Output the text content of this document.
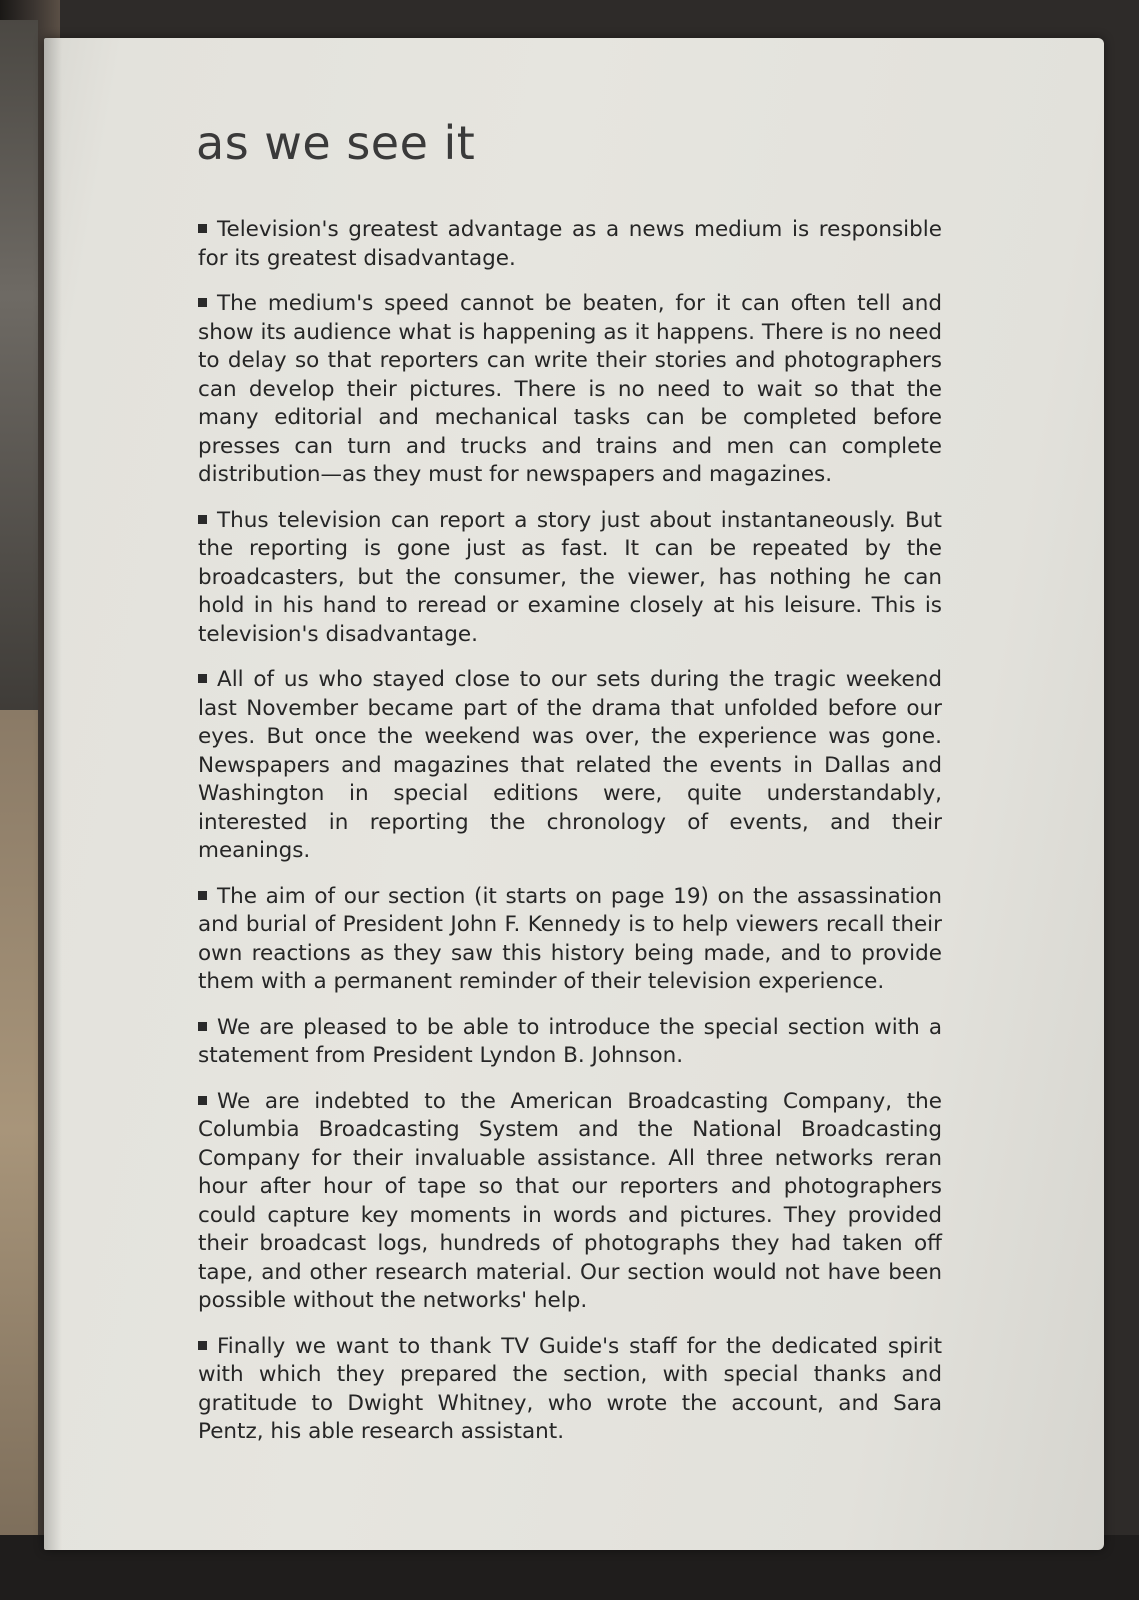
as we see it

Television's greatest advantage as a news medium is responsible for its greatest disadvantage.

The medium's speed cannot be beaten, for it can often tell and show its audience what is happening as it happens. There is no need to delay so that reporters can write their stories and photographers can develop their pictures. There is no need to wait so that the many editorial and mechanical tasks can be completed before presses can turn and trucks and trains and men can complete distribution—as they must for newspapers and magazines.

Thus television can report a story just about instantaneously. But the reporting is gone just as fast. It can be repeated by the broadcasters, but the consumer, the viewer, has nothing he can hold in his hand to reread or examine closely at his leisure. This is television's disadvantage.

All of us who stayed close to our sets during the tragic weekend last November became part of the drama that unfolded before our eyes. But once the weekend was over, the experience was gone. Newspapers and magazines that related the events in Dallas and Washington in special editions were, quite understandably, interested in reporting the chronology of events, and their meanings.

The aim of our section (it starts on page 19) on the assassination and burial of President John F. Kennedy is to help viewers recall their own reactions as they saw this history being made, and to provide them with a permanent reminder of their television experience.

We are pleased to be able to introduce the special section with a statement from President Lyndon B. Johnson.

We are indebted to the American Broadcasting Company, the Columbia Broadcasting System and the National Broadcasting Company for their invaluable assistance. All three networks reran hour after hour of tape so that our reporters and photographers could capture key moments in words and pictures. They provided their broadcast logs, hundreds of photographs they had taken off tape, and other research material. Our section would not have been possible without the networks' help.

Finally we want to thank TV Guide's staff for the dedicated spirit with which they prepared the section, with special thanks and gratitude to Dwight Whitney, who wrote the account, and Sara Pentz, his able research assistant.
